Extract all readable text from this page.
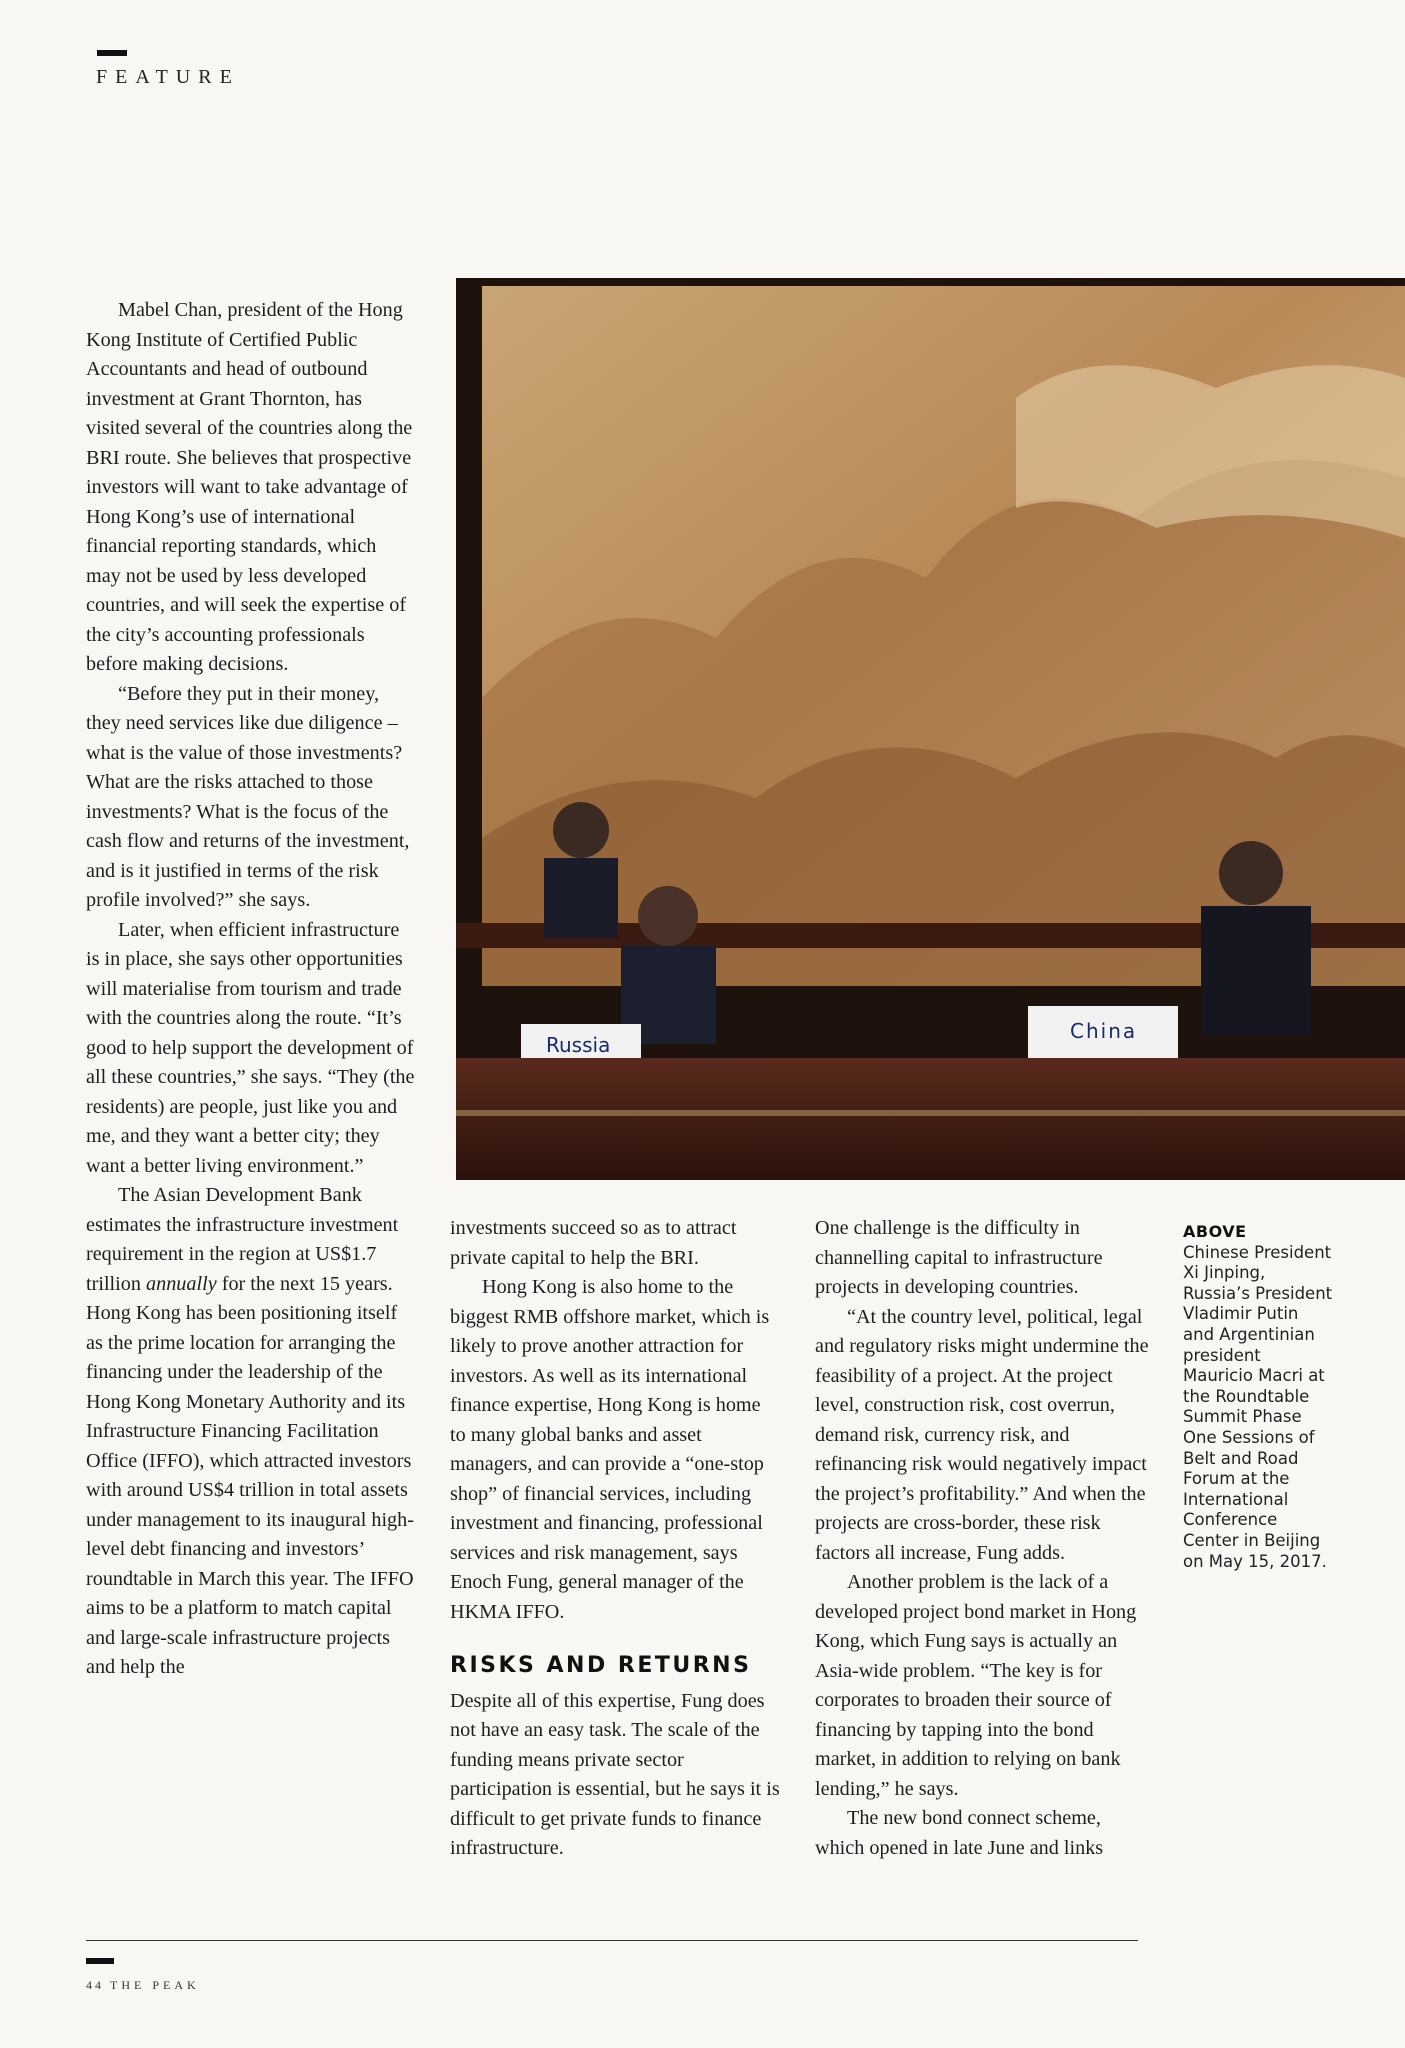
FEATURE
Russia
China

Mabel Chan, president of the Hong Kong Institute of Certified Public Accountants and head of outbound investment at Grant Thornton, has visited several of the countries along the BRI route. She believes that prospective investors will want to take advantage of Hong Kong’s use of international financial reporting standards, which may not be used by less developed countries, and will seek the expertise of the city’s accounting professionals before making decisions.

“Before they put in their money, they need services like due diligence – what is the value of those investments? What are the risks attached to those investments? What is the focus of the cash flow and returns of the investment, and is it justified in terms of the risk profile involved?” she says.

Later, when efficient infrastructure is in place, she says other opportunities will materialise from tourism and trade with the countries along the route. “It’s good to help support the development of all these countries,” she says. “They (the residents) are people, just like you and me, and they want a better city; they want a better living environment.”

The Asian Development Bank estimates the infrastructure investment requirement in the region at US$1.7 trillion annually for the next 15 years. Hong Kong has been positioning itself as the prime location for arranging the financing under the leadership of the Hong Kong Monetary Authority and its Infrastructure Financing Facilitation Office (IFFO), which attracted investors with around US$4 trillion in total assets under management to its inaugural high-level debt financing and investors’ roundtable in March this year. The IFFO aims to be a platform to match capital and large-scale infrastructure projects and help the

investments succeed so as to attract private capital to help the BRI.

Hong Kong is also home to the biggest RMB offshore market, which is likely to prove another attraction for investors. As well as its international finance expertise, Hong Kong is home to many global banks and asset managers, and can provide a “one-stop shop” of financial services, including investment and financing, professional services and risk management, says Enoch Fung, general manager of the HKMA IFFO.

RISKS AND RETURNS

Despite all of this expertise, Fung does not have an easy task. The scale of the funding means private sector participation is essential, but he says it is difficult to get private funds to finance infrastructure.

One challenge is the difficulty in channelling capital to infrastructure projects in developing countries.

“At the country level, political, legal and regulatory risks might undermine the feasibility of a project. At the project level, construction risk, cost overrun, demand risk, currency risk, and refinancing risk would negatively impact the project’s profitability.” And when the projects are cross-border, these risk factors all increase, Fung adds.

Another problem is the lack of a developed project bond market in Hong Kong, which Fung says is actually an Asia-wide problem. “The key is for corporates to broaden their source of financing by tapping into the bond market, in addition to relying on bank lending,” he says.

The new bond connect scheme, which opened in late June and links

ABOVE
Chinese President Xi Jinping, Russia’s President Vladimir Putin and Argentinian president Mauricio Macri at the Roundtable Summit Phase One Sessions of Belt and Road Forum at the International Conference Center in Beijing on May 15, 2017.
44 THE PEAK
